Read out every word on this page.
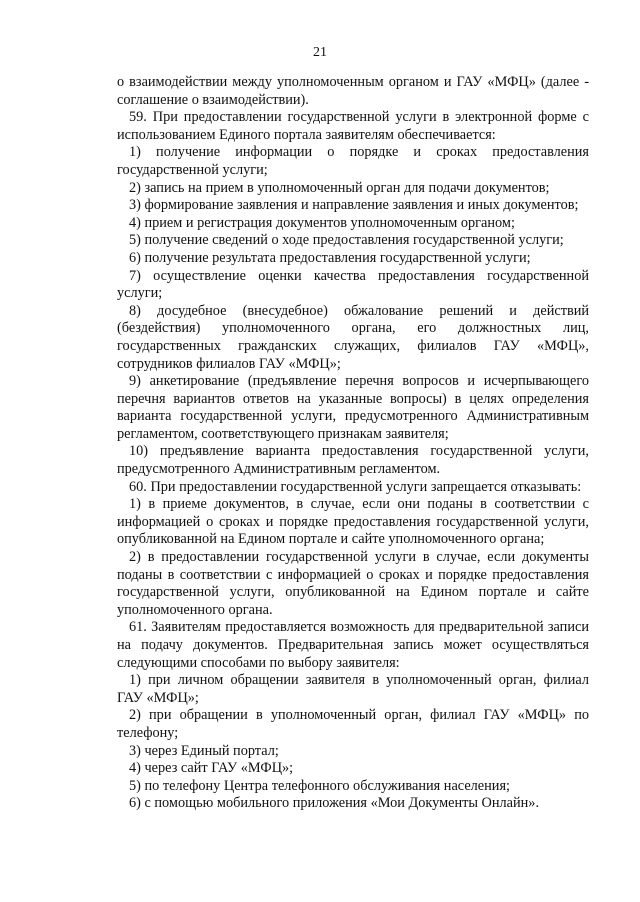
21

о взаимодействии между уполномоченным органом и ГАУ «МФЦ» (далее - соглашение о взаимодействии).

59. При предоставлении государственной услуги в электронной форме с использованием Единого портала заявителям обеспечивается:

1) получение информации о порядке и сроках предоставления государственной услуги;

2) запись на прием в уполномоченный орган для подачи документов;

3) формирование заявления и направление заявления и иных документов;

4) прием и регистрация документов уполномоченным органом;

5) получение сведений о ходе предоставления государственной услуги;

6) получение результата предоставления государственной услуги;

7) осуществление оценки качества предоставления государственной услуги;

8) досудебное (внесудебное) обжалование решений и действий (бездействия) уполномоченного органа, его должностных лиц, государственных гражданских служащих, филиалов ГАУ «МФЦ», сотрудников филиалов ГАУ «МФЦ»;

9) анкетирование (предъявление перечня вопросов и исчерпывающего перечня вариантов ответов на указанные вопросы) в целях определения варианта государственной услуги, предусмотренного Административным регламентом, соответствующего признакам заявителя;

10) предъявление варианта предоставления государственной услуги, предусмотренного Административным регламентом.

60. При предоставлении государственной услуги запрещается отказывать:

1) в приеме документов, в случае, если они поданы в соответствии с информацией о сроках и порядке предоставления государственной услуги, опубликованной на Едином портале и сайте уполномоченного органа;

2) в предоставлении государственной услуги в случае, если документы поданы в соответствии с информацией о сроках и порядке предоставления государственной услуги, опубликованной на Едином портале и сайте уполномоченного органа.

61. Заявителям предоставляется возможность для предварительной записи на подачу документов. Предварительная запись может осуществляться следующими способами по выбору заявителя:

1) при личном обращении заявителя в уполномоченный орган, филиал ГАУ «МФЦ»;

2) при обращении в уполномоченный орган, филиал ГАУ «МФЦ» по телефону;

3) через Единый портал;

4) через сайт ГАУ «МФЦ»;

5) по телефону Центра телефонного обслуживания населения;

6) с помощью мобильного приложения «Мои Документы Онлайн».
